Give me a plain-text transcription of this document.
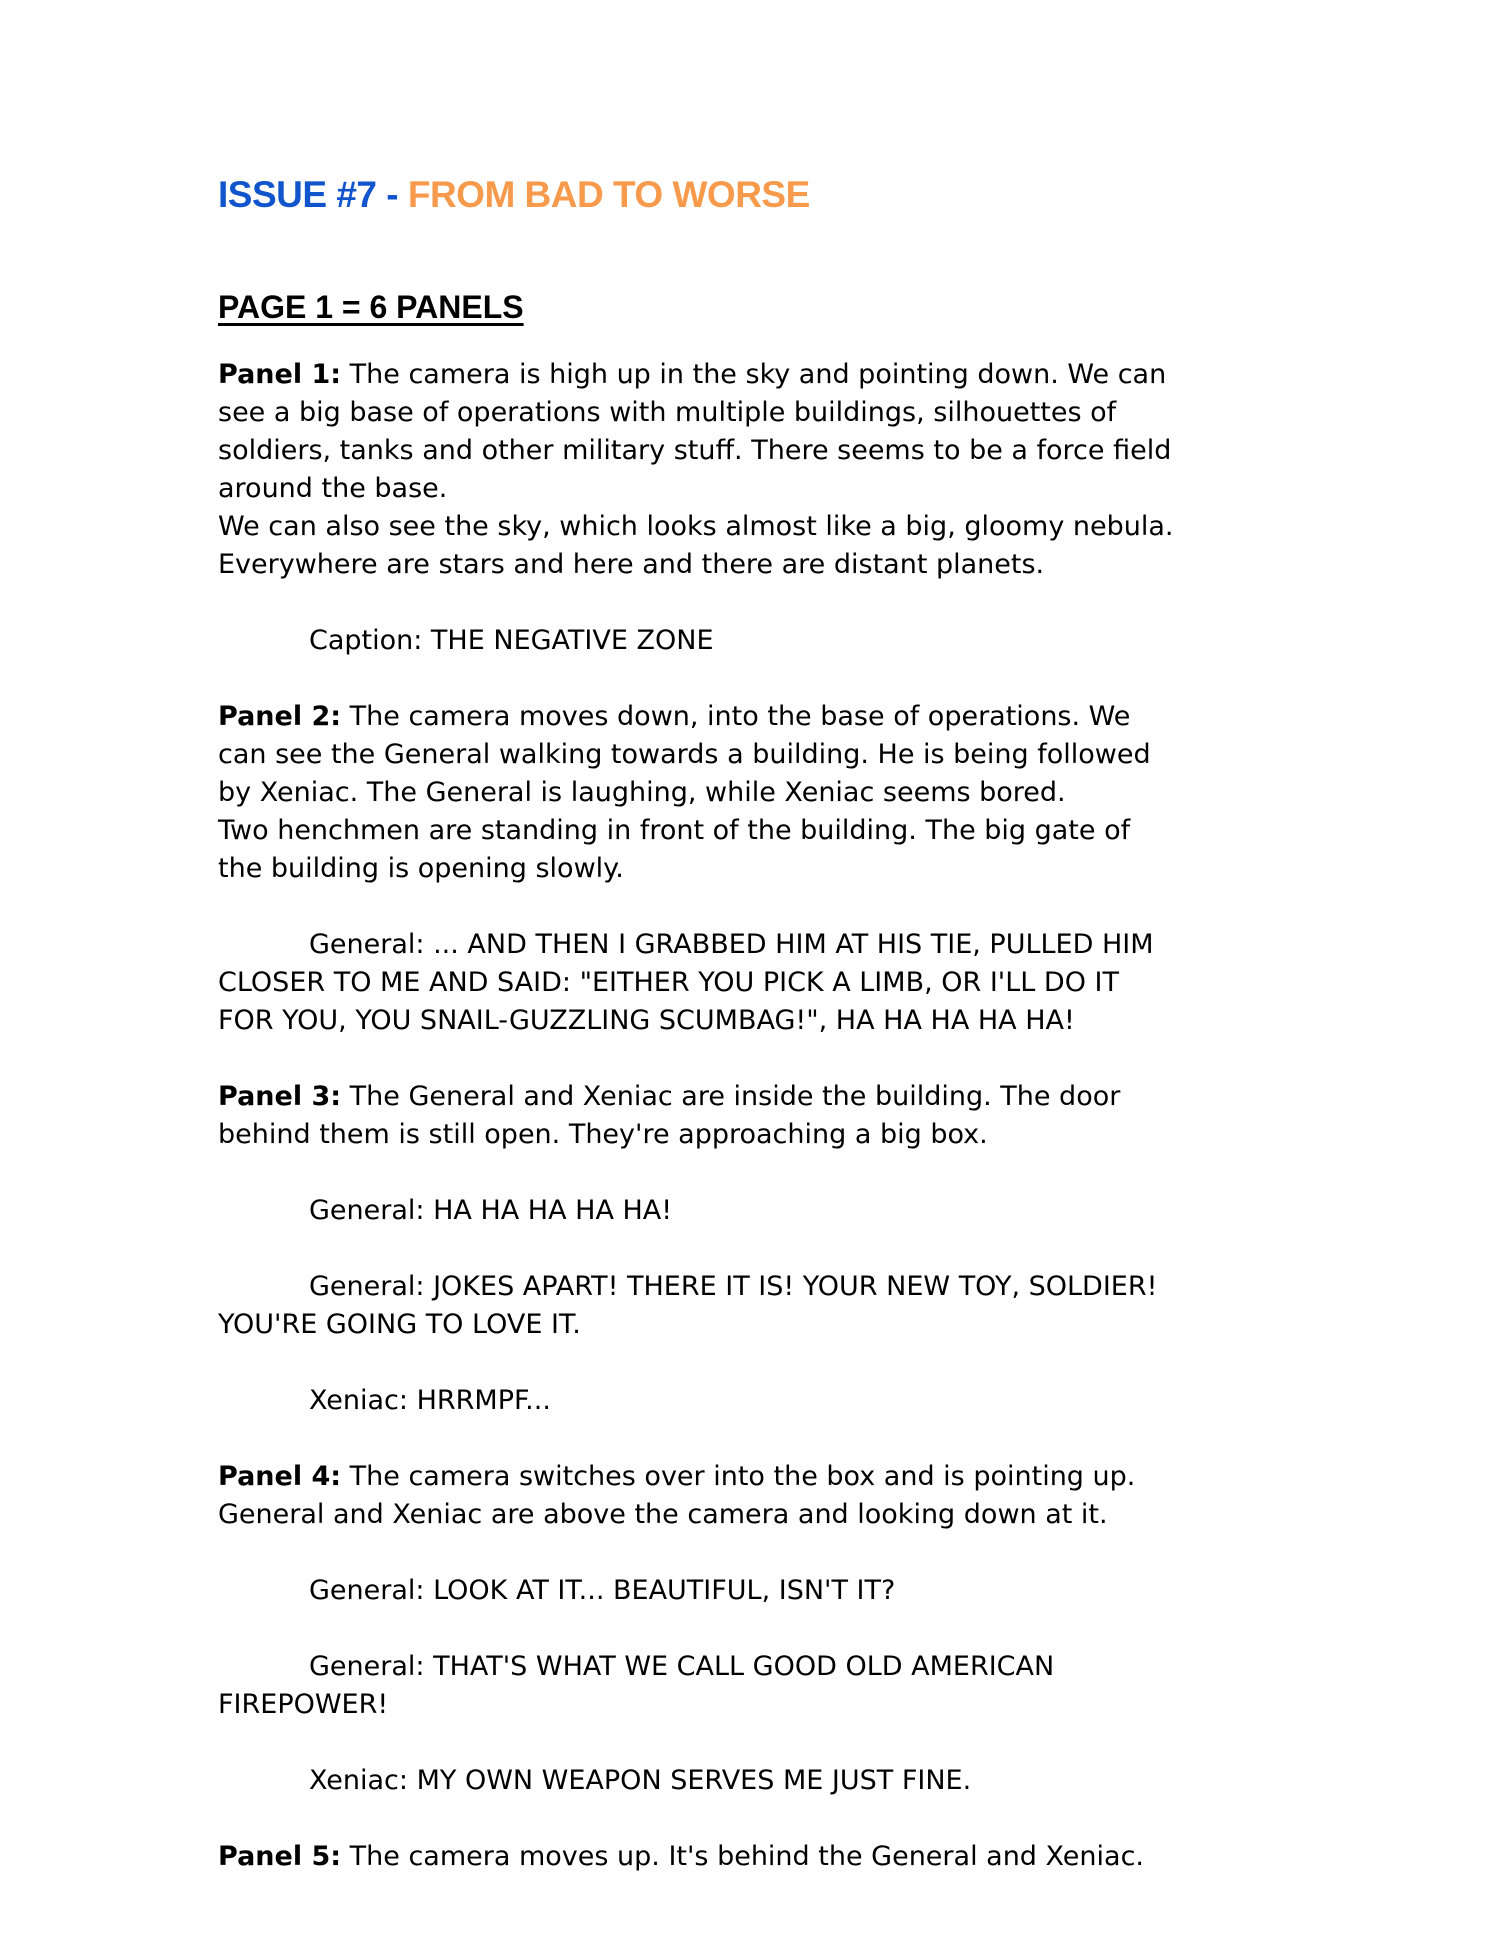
ISSUE #7 - FROM BAD TO WORSE
PAGE 1 = 6 PANELS
Panel 1: The camera is high up in the sky and pointing down. We can
see a big base of operations with multiple buildings, silhouettes of
soldiers, tanks and other military stuff. There seems to be a force field
around the base.
We can also see the sky, which looks almost like a big, gloomy nebula.
Everywhere are stars and here and there are distant planets.
Caption: THE NEGATIVE ZONE
Panel 2: The camera moves down, into the base of operations. We
can see the General walking towards a building. He is being followed
by Xeniac. The General is laughing, while Xeniac seems bored.
Two henchmen are standing in front of the building. The big gate of
the building is opening slowly.
General: ... AND THEN I GRABBED HIM AT HIS TIE, PULLED HIM
CLOSER TO ME AND SAID: "EITHER YOU PICK A LIMB, OR I'LL DO IT
FOR YOU, YOU SNAIL-GUZZLING SCUMBAG!", HA HA HA HA HA!
Panel 3: The General and Xeniac are inside the building. The door
behind them is still open. They're approaching a big box.
General: HA HA HA HA HA!
General: JOKES APART! THERE IT IS! YOUR NEW TOY, SOLDIER!
YOU'RE GOING TO LOVE IT.
Xeniac: HRRMPF...
Panel 4: The camera switches over into the box and is pointing up.
General and Xeniac are above the camera and looking down at it.
General: LOOK AT IT... BEAUTIFUL, ISN'T IT?
General: THAT'S WHAT WE CALL GOOD OLD AMERICAN
FIREPOWER!
Xeniac: MY OWN WEAPON SERVES ME JUST FINE.
Panel 5: The camera moves up. It's behind the General and Xeniac.
